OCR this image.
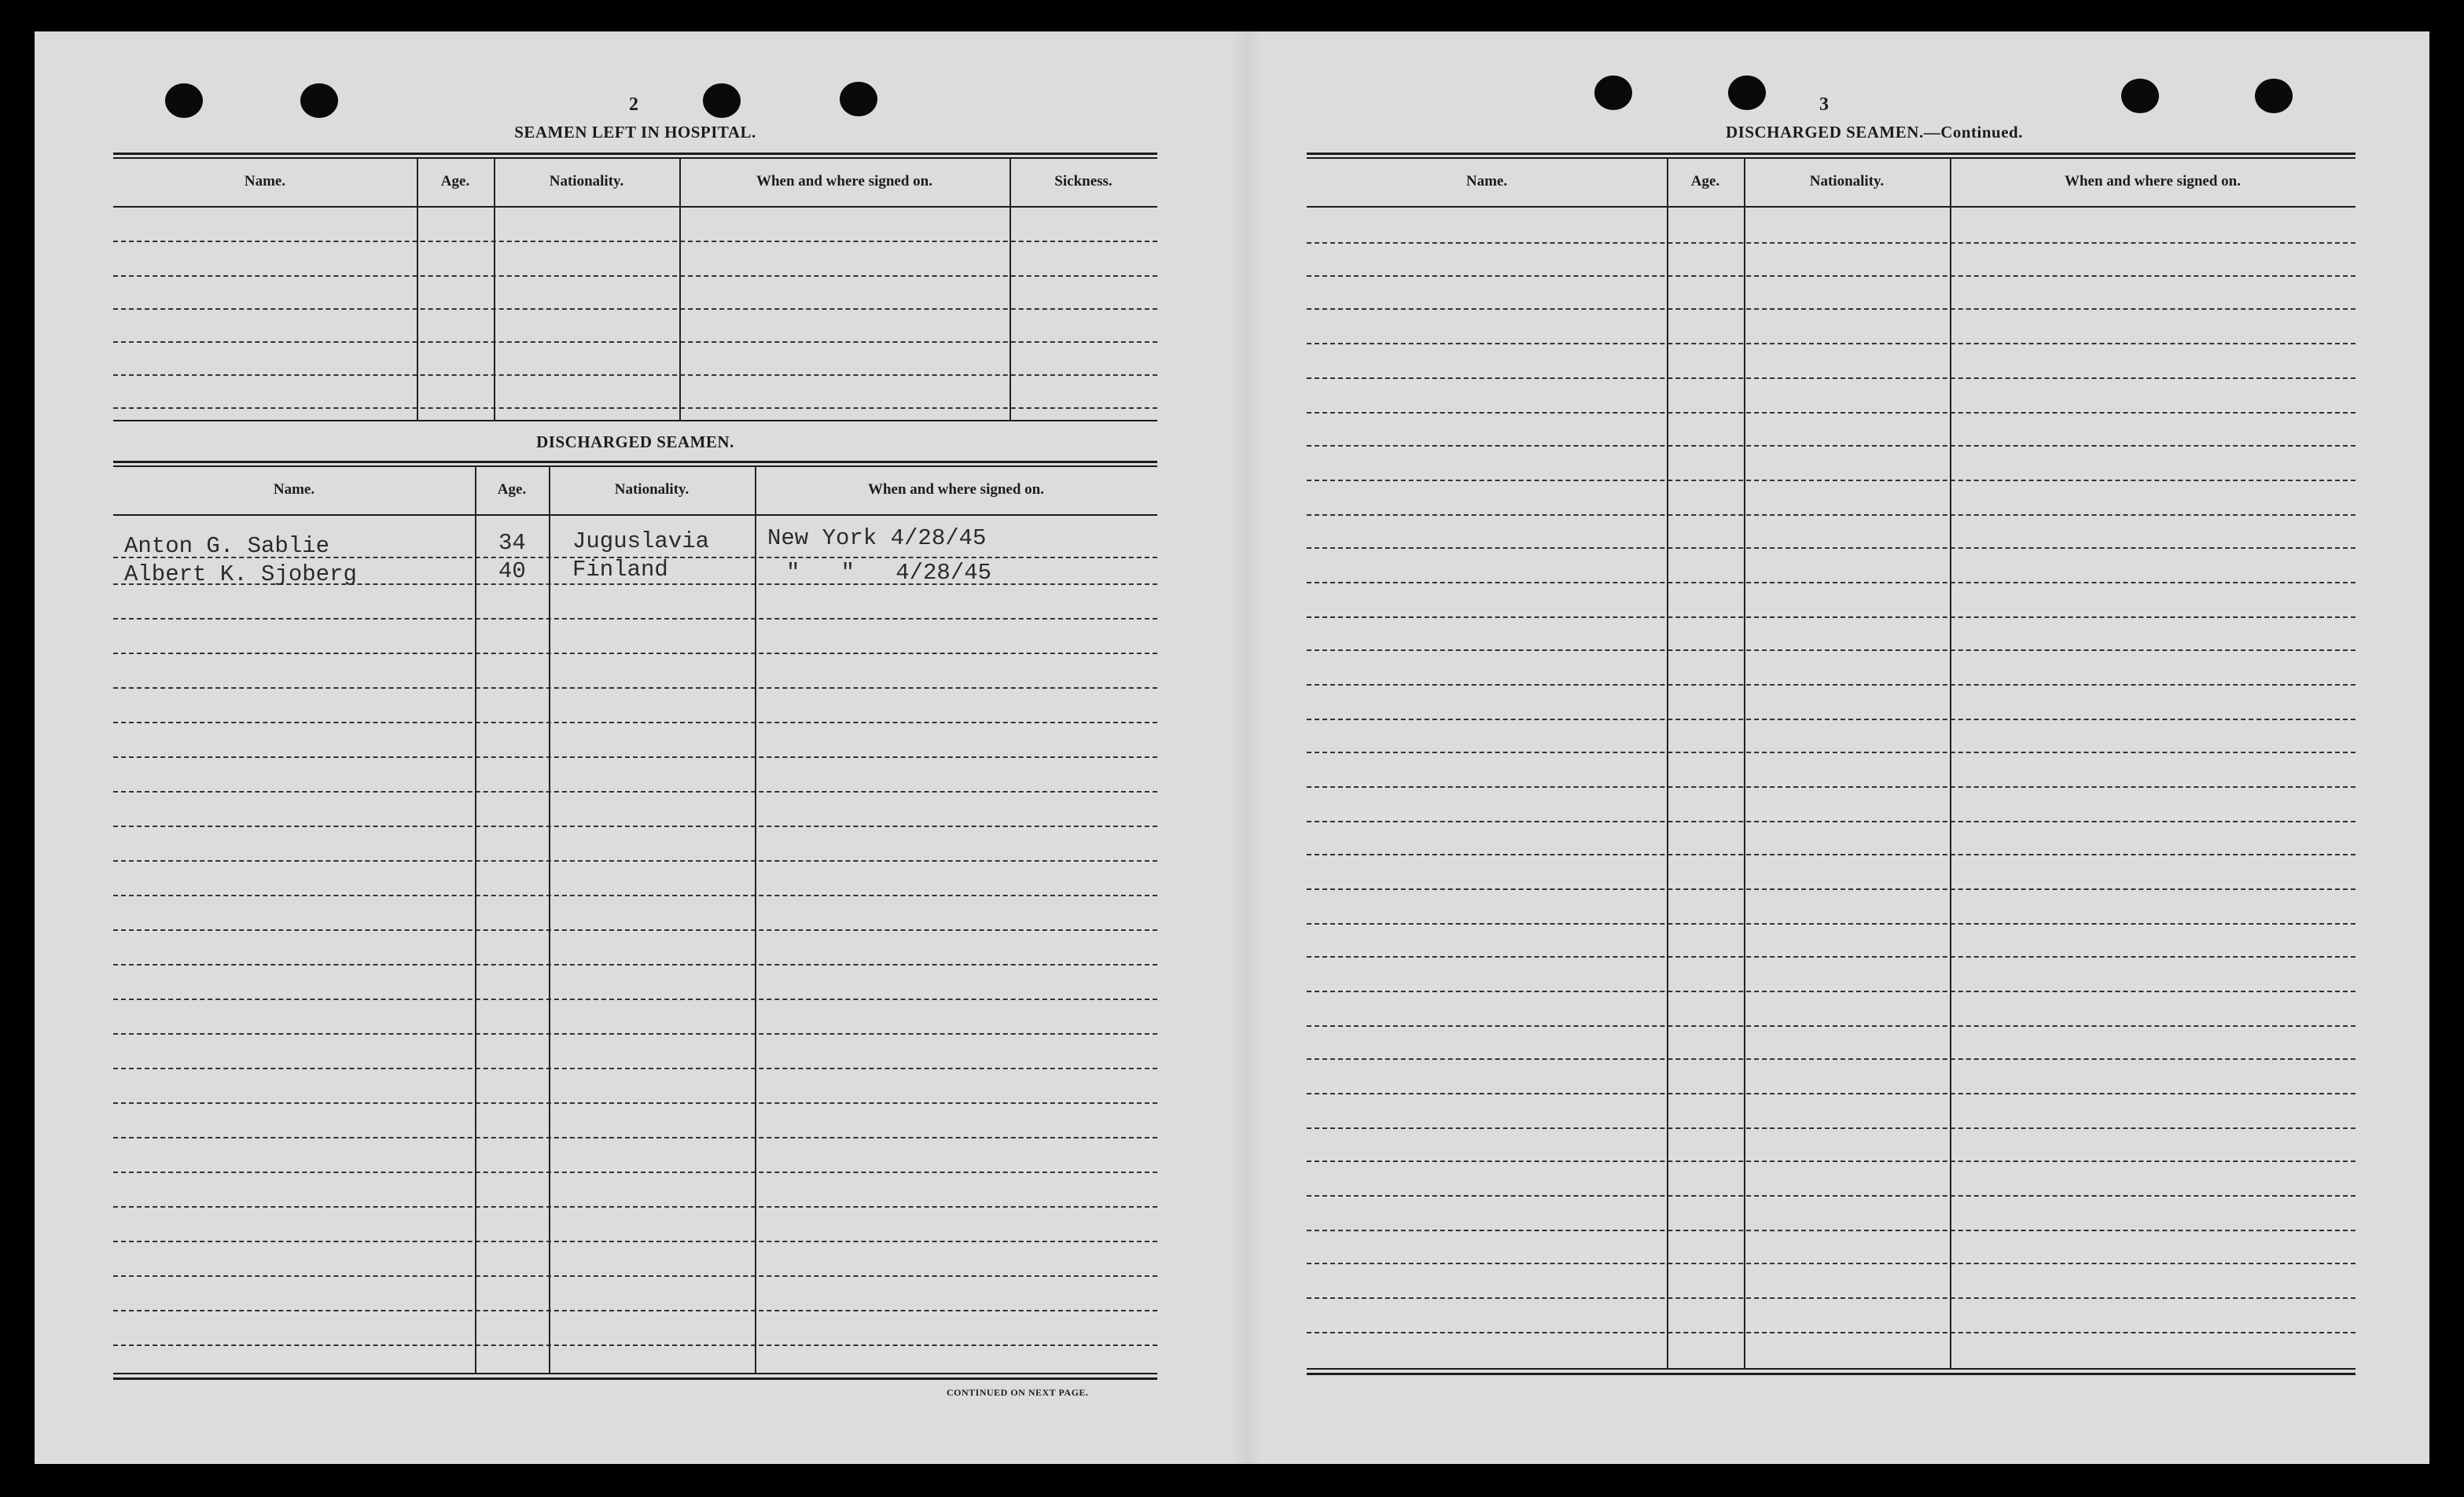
2
SEAMEN LEFT IN HOSPITAL.
Name.	Age.	Nationality.	When and where signed on.	Sickness.
DISCHARGED SEAMEN.
Name.	Age.	Nationality.	When and where signed on.
Anton G. Sablie	34 Juguslavia	New York 4/28/45
Albert K. Sjoberg	40 Finland	"   "   4/28/45
CONTINUED ON NEXT PAGE.
3
DISCHARGED SEAMEN.—Continued.
Name.	Age.	Nationality.	When and where signed on.
